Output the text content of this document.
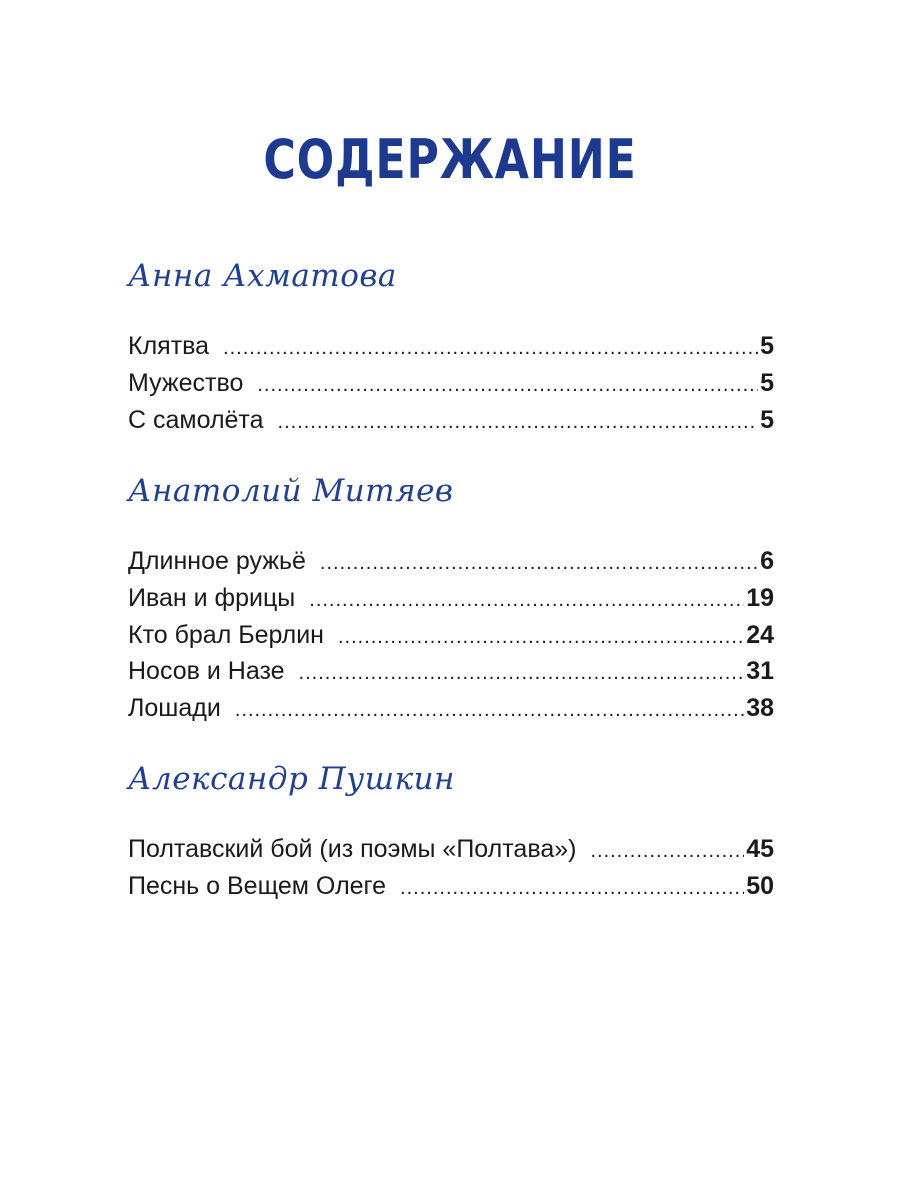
СОДЕРЖАНИЕ
Анна Ахматова
Клятва .....	5
Мужество .....	5
С самолёта .....	5
Анатолий Митяев
Длинное ружьё .....	6
Иван и фрицы .....	19
Кто брал Берлин .....	24
Носов и Назе .....	31
Лошади .....	38
Александр Пушкин
Полтавский бой (из поэмы «Полтава») .....	45
Песнь о Вещем Олеге .....	50
